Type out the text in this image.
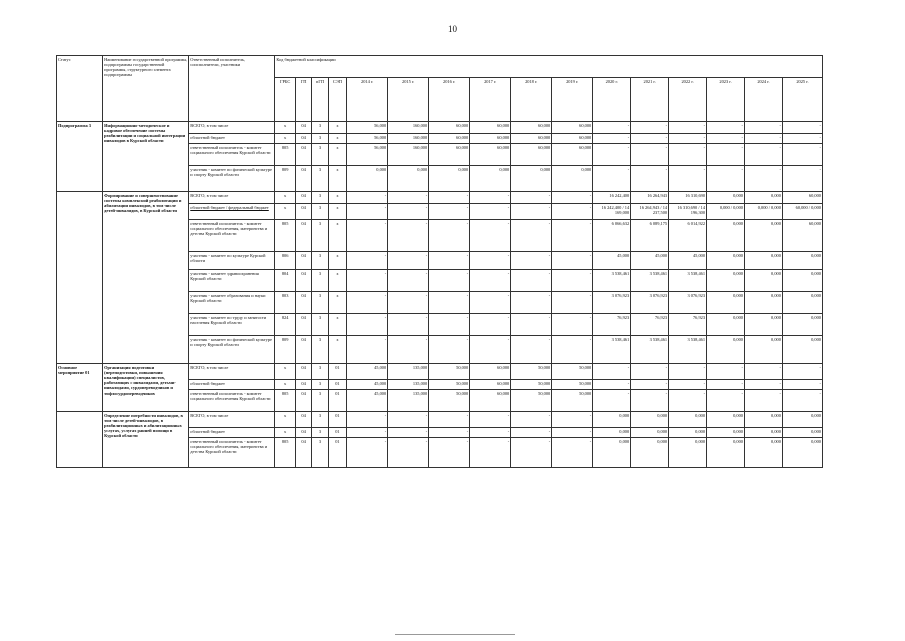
10
Статус	Наименование государственной программы, подпрограммы государственной программы, структурного элемента подпрограммы	Ответственный исполнитель, соисполнители, участники	Код бюджетной классификации															
			ГРБС	ГП	пГП	СЭП	2014 г.	2015 г.	2016 г.	2017 г.	2018 г.	2019 г.	2020 г.	2021 г.	2022 г.	2023 г.	2024 г.	2025 г.
Подпрограмма 3	Информационно-методическое и кадровое обеспечение системы реабилитации и социальной интеграции инвалидов в Курской области	ВСЕГО, в том числе	х	04	3	х	56,000	160,000	60,000	60,000	60,000	60,000	-	-	-	-	-	-
		областной бюджет	х	04	3	х	56,000	160,000	60,000	60,000	60,000	60,000	-	-	-	-	-	-
		ответственный исполнитель - комитет социального обеспечения Курской области	805	04	3	х	56,000	160,000	60,000	60,000	60,000	60,000	-	-	-	-	-	-
		участник - комитет по физической культуре и спорту Курской области	809	04	3	х	0,000	0,000	0,000	0,000	0,000	0,000	-	-	-	-	-	-
	Формирование и совершенствование системы комплексной реабилитации и абилитации инвалидов, в том числе детей-инвалидов, в Курской области	ВСЕГО, в том числе	х	04	3	х	-	-	-	-	-	-	16 242,400	16 264,943	16 310,690	0,000	0,000	60,000
		областной бюджет / федеральный бюджет	х	04	3	х	-	-	-	-	-	-	16 242,400 / 14 169,000	16 264,943 / 14 237,500	16 310,690 / 14 196,300	0,000 / 0,000	0,000 / 0,000	60,000 / 0,000
		ответственный исполнитель - комитет социального обеспечения, материнства и детства Курской области	805	04	3	х	-	-	-	-	-	-	6 066,632	6 089,175	6 014,922	0,000	0,000	60,000
		участник - комитет по культуре Курской области	806	04	3	х	-	-	-	-	-	-	45,000	45,000	45,000	0,000	0,000	0,000
		участник - комитет здравоохранения Курской области	804	04	3	х	-	-	-	-	-	-	3 538,461	3 538,461	3 538,461	0,000	0,000	0,000
		участник - комитет образования и науки Курской области	803	04	3	х	-	-	-	-	-	-	3 076,923	3 076,923	3 076,923	0,000	0,000	0,000
		участник - комитет по труду и занятости населения Курской области	824	04	3	х	-	-	-	-	-	-	76,923	76,923	76,923	0,000	0,000	0,000
		участник - комитет по физической культуре и спорту Курской области	809	04	3	х	-	-	-	-	-	-	3 538,461	3 538,461	3 538,461	0,000	0,000	0,000
Основное мероприятие 01	Организация подготовки (переподготовки, повышения квалификации) специалистов, работающих с инвалидами, детьми-инвалидами, сурдопереводчиков и тифлосурдопереводчиков	ВСЕГО, в том числе	х	04	3	01	45,000	135,000	50,000	60,000	50,000	50,000	-	-	-	-	-	-
		областной бюджет	х	04	3	01	45,000	135,000	50,000	60,000	50,000	50,000	-	-	-	-	-	-
		ответственный исполнитель - комитет социального обеспечения Курской области	805	04	3	01	45,000	135,000	50,000	60,000	50,000	50,000	-	-	-	-	-	-
	Определение потребности инвалидов, в том числе детей-инвалидов, в реабилитационных и абилитационных услугах, услугах ранней помощи в Курской области	ВСЕГО, в том числе	х	04	3	01	-	-	-	-	-	-	0,000	0,000	0,000	0,000	0,000	0,000
		областной бюджет	х	04	3	01	-	-	-	-	-	-	0,000	0,000	0,000	0,000	0,000	0,000
		ответственный исполнитель - комитет социального обеспечения, материнства и детства Курской области	805	04	3	01	-	-	-	-	-	-	0,000	0,000	0,000	0,000	0,000	0,000
